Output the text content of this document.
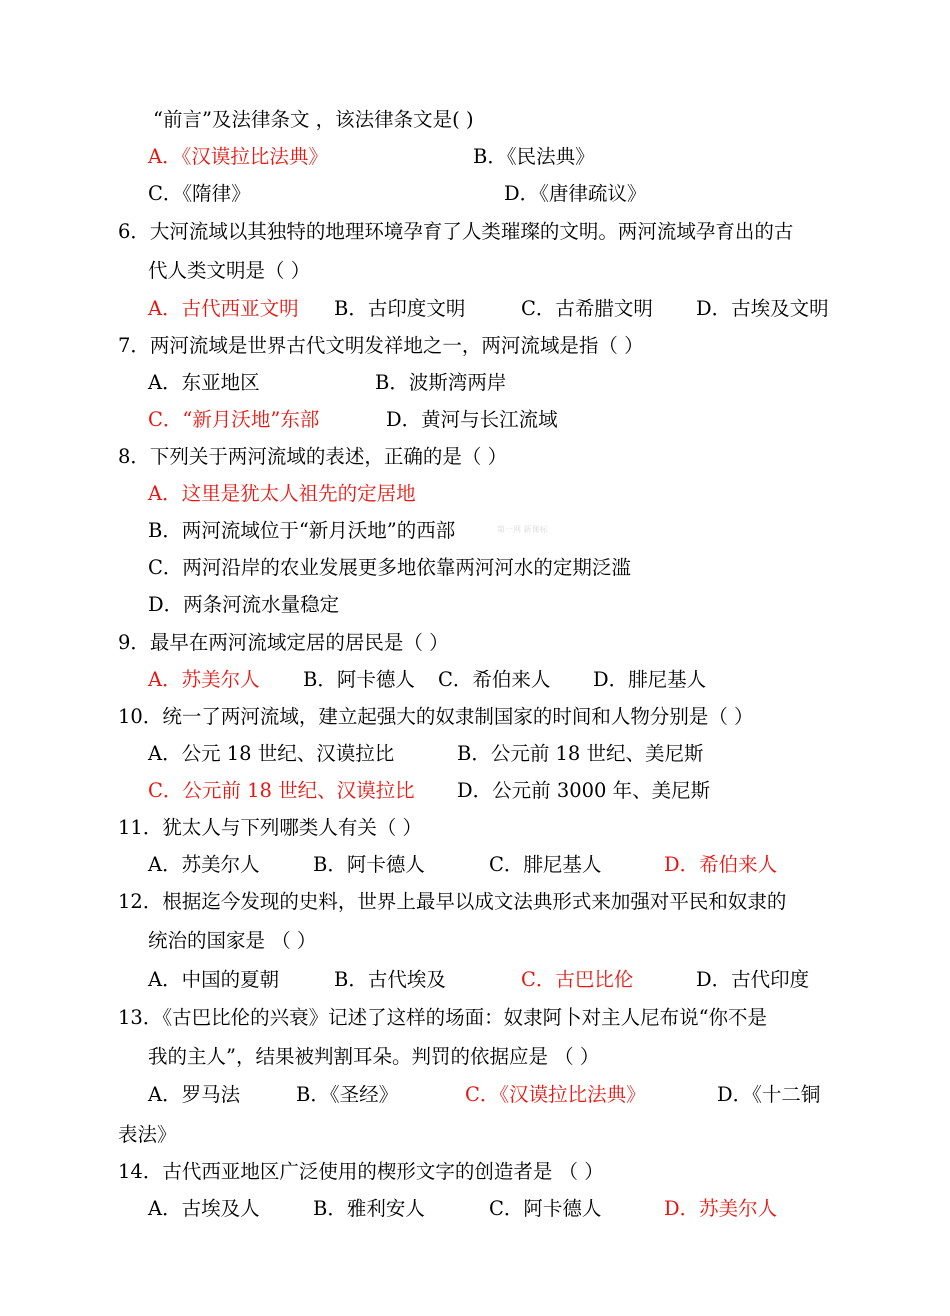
第一网 新课标
“前言”及法律条文 ，该法律条文是( )
A．《汉谟拉比法典》	B．《民法典》
C．《隋律》	D．《唐律疏议》
6．大河流域以其独特的地理环境孕育了人类璀璨的文明。两河流域孕育出的古
代人类文明是（ ）
A．古代西亚文明 B．古印度文明	C．古希腊文明 D．古埃及文明
7．两河流域是世界古代文明发祥地之一，两河流域是指（ ）
A．东亚地区	B．波斯湾两岸
C．“新月沃地”东部	D．黄河与长江流域
8．下列关于两河流域的表述，正确的是（ ）
A．这里是犹太人祖先的定居地
B．两河流域位于“新月沃地”的西部
C．两河沿岸的农业发展更多地依靠两河河水的定期泛滥
D．两条河流水量稳定
9．最早在两河流域定居的居民是（ ）
A．苏美尔人 B．阿卡德人 C．希伯来人 D．腓尼基人
10．统一了两河流域，建立起强大的奴隶制国家的时间和人物分别是（ ）
A．公元 18 世纪、汉谟拉比	B．公元前 18 世纪、美尼斯
C．公元前 18 世纪、汉谟拉比 D．公元前 3000 年、美尼斯
11．犹太人与下列哪类人有关（ ）
A．苏美尔人	B．阿卡德人	C．腓尼基人	D．希伯来人
12．根据迄今发现的史料，世界上最早以成文法典形式来加强对平民和奴隶的
统治的国家是 （ ）
A．中国的夏朝	B．古代埃及	C．古巴比伦	D．古代印度
13．《古巴比伦的兴衰》记述了这样的场面：奴隶阿卜对主人尼布说“你不是
我的主人”，结果被判割耳朵。判罚的依据应是 （ ）
A．罗马法	B．《圣经》	C．《汉谟拉比法典》	D．《十二铜
表法》
14．古代西亚地区广泛使用的楔形文字的创造者是 （ ）
A．古埃及人	B．雅利安人	C．阿卡德人	D．苏美尔人
